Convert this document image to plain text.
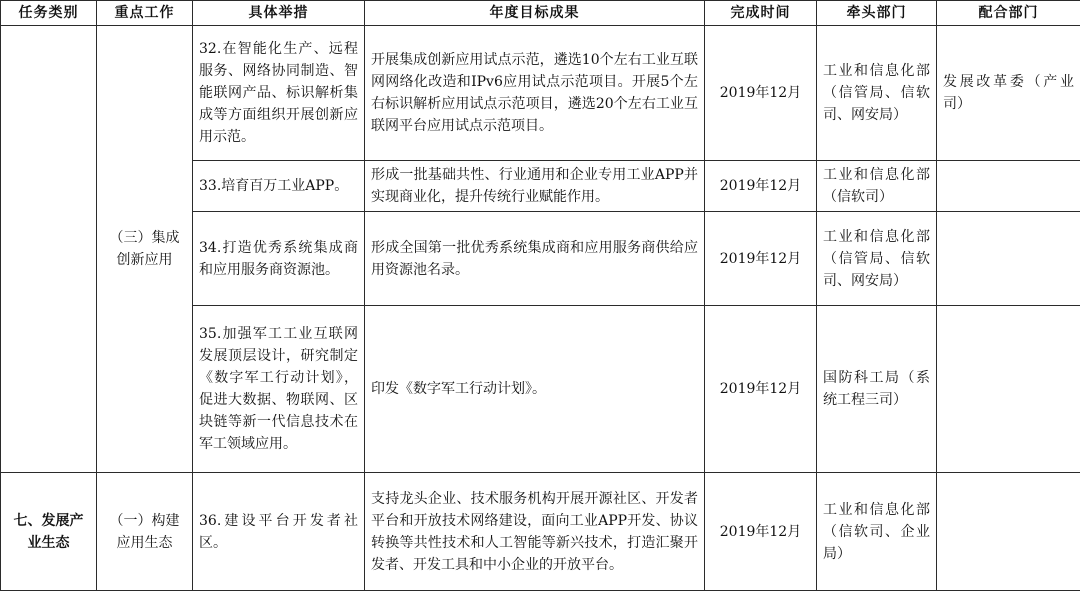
任务类别	重点工作	具体举措	年度目标成果	完成时间	牵头部门	配合部门
	（三）集成创新应用	32.在智能化生产、远程服务、网络协同制造、智能联网产品、标识解析集成等方面组织开展创新应用示范。	开展集成创新应用试点示范，遴选10个左右工业互联网网络化改造和IPv6应用试点示范项目。开展5个左右标识解析应用试点示范项目，遴选20个左右工业互联网平台应用试点示范项目。	2019年12月	工业和信息化部（信管局、信软司、网安局）	发展改革委（产业司）
		33.培育百万工业APP。	形成一批基础共性、行业通用和企业专用工业APP并实现商业化，提升传统行业赋能作用。	2019年12月	工业和信息化部（信软司）	
		34.打造优秀系统集成商和应用服务商资源池。	形成全国第一批优秀系统集成商和应用服务商供给应用资源池名录。	2019年12月	工业和信息化部（信管局、信软司、网安局）	
		35.加强军工工业互联网发展顶层设计，研究制定《数字军工行动计划》，促进大数据、物联网、区块链等新一代信息技术在军工领域应用。	印发《数字军工行动计划》。	2019年12月	国防科工局（系统工程三司）	
七、发展产业生态	（一）构建应用生态	36.建设平台开发者社区。	支持龙头企业、技术服务机构开展开源社区、开发者平台和开放技术网络建设，面向工业APP开发、协议转换等共性技术和人工智能等新兴技术，打造汇聚开发者、开发工具和中小企业的开放平台。	2019年12月	工业和信息化部（信软司、企业局）	
